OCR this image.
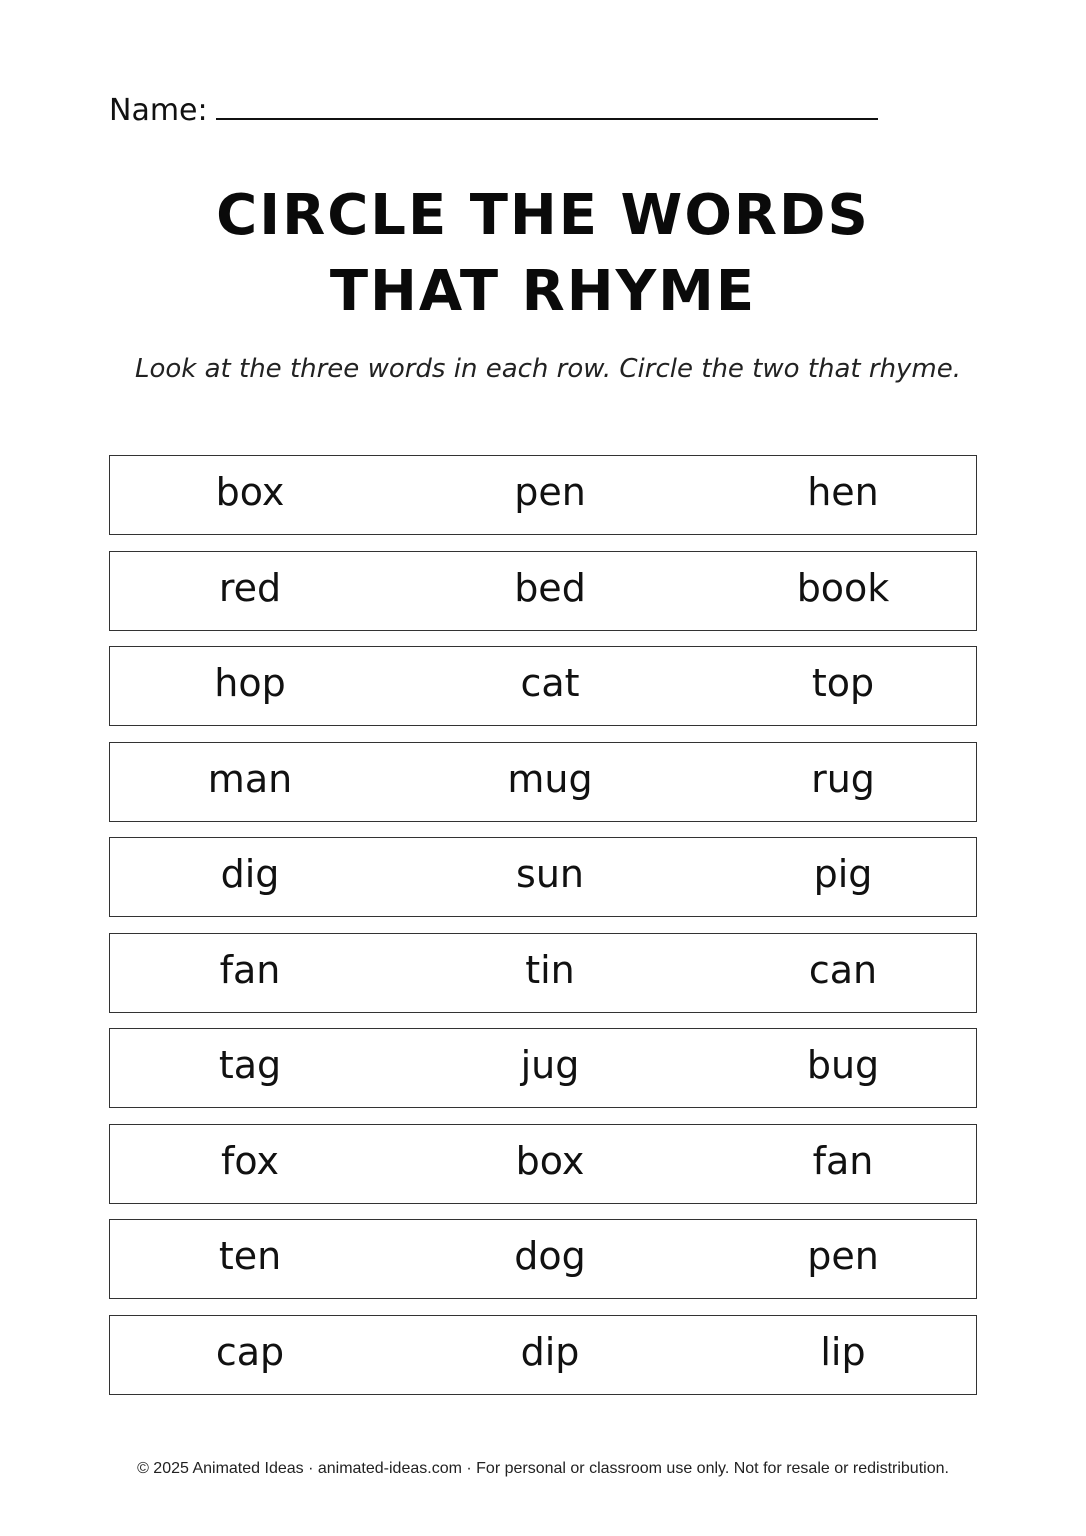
Name:
CIRCLE THE WORDS
THAT RHYME
Look at the three words in each row. Circle the two that rhyme.
box	pen	hen
red	bed	book
hop	cat	top
man	mug	rug
dig	sun	pig
fan	tin	can
tag	jug	bug
fox	box	fan
ten	dog	pen
cap	dip	lip
© 2025 Animated Ideas · animated-ideas.com · For personal or classroom use only. Not for resale or redistribution.
